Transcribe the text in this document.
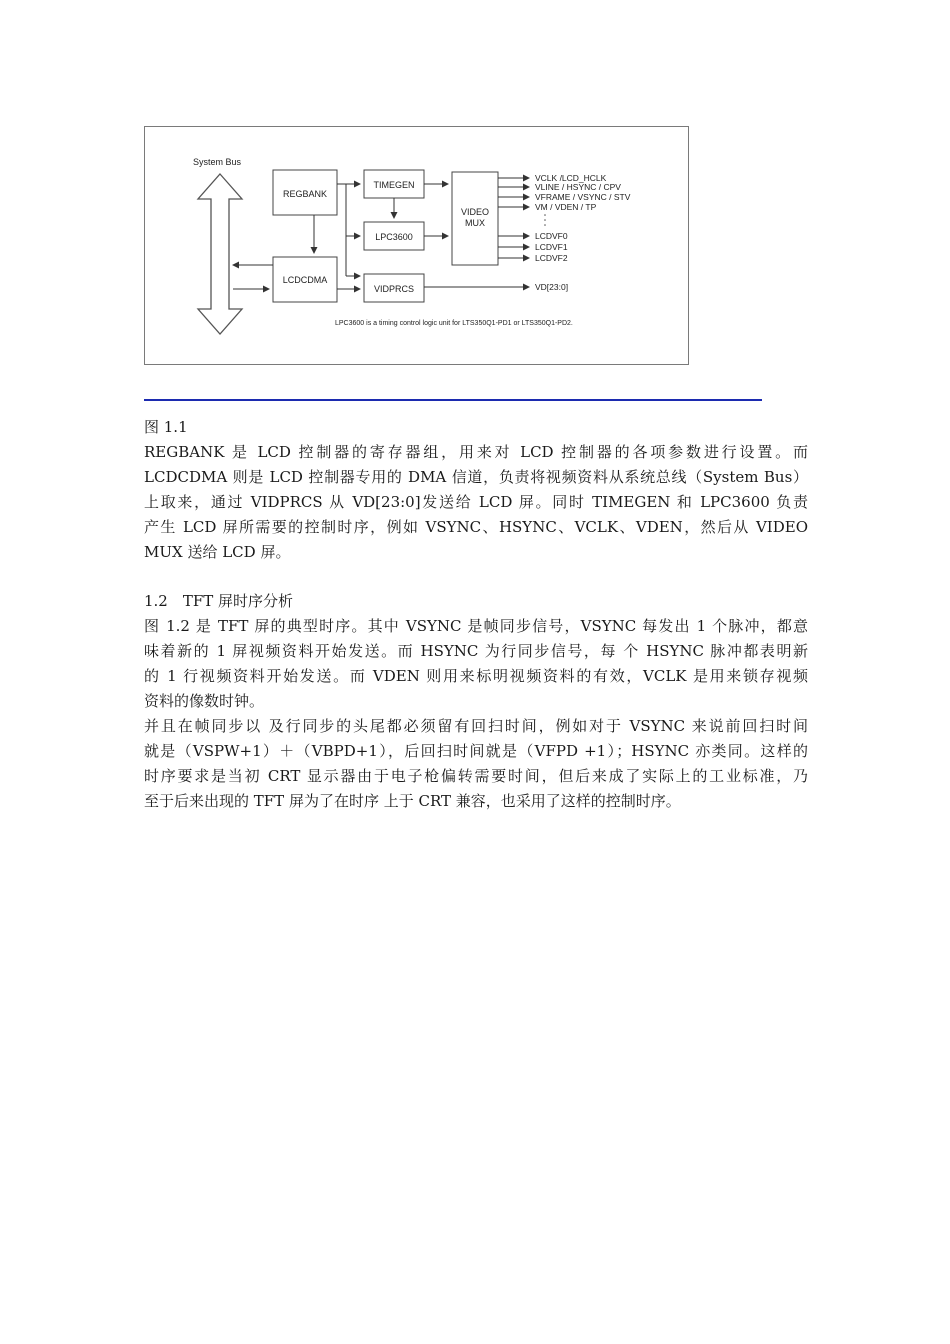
System Bus
REGBANK
LCDCDMA
TIMEGEN
LPC3600
VIDPRCS
VIDEO
MUX
VCLK /LCD_HCLK
VLINE / HSYNC / CPV
VFRAME / VSYNC / STV
VM / VDEN / TP
LCDVF0
LCDVF1
LCDVF2
VD[23:0]
LPC3600 is a timing control logic unit for LTS350Q1-PD1 or LTS350Q1-PD2.
图 1.1
REGBANK 是 LCD 控制器的寄存器组，用来对 LCD 控制器的各项参数进行设置。而
LCDCDMA 则是 LCD 控制器专用的 DMA 信道，负责将视频资料从系统总线（System Bus）
上取来，通过 VIDPRCS 从 VD[23:0]发送给 LCD 屏。同时 TIMEGEN 和 LPC3600 负责
产生 LCD 屏所需要的控制时序，例如 VSYNC、HSYNC、VCLK、VDEN，然后从 VIDEO
MUX 送给 LCD 屏。
1.2　TFT 屏时序分析
图 1.2 是 TFT 屏的典型时序。其中 VSYNC 是帧同步信号，VSYNC 每发出 1 个脉冲，都意
味着新的 1 屏视频资料开始发送。而 HSYNC 为行同步信号，每 个 HSYNC 脉冲都表明新
的 1 行视频资料开始发送。而 VDEN 则用来标明视频资料的有效，VCLK 是用来锁存视频
资料的像数时钟。
并且在帧同步以 及行同步的头尾都必须留有回扫时间，例如对于 VSYNC 来说前回扫时间
就是（VSPW+1）＋（VBPD+1），后回扫时间就是（VFPD +1）；HSYNC 亦类同。这样的
时序要求是当初 CRT 显示器由于电子枪偏转需要时间，但后来成了实际上的工业标准，乃
至于后来出现的 TFT 屏为了在时序 上于 CRT 兼容，也采用了这样的控制时序。
